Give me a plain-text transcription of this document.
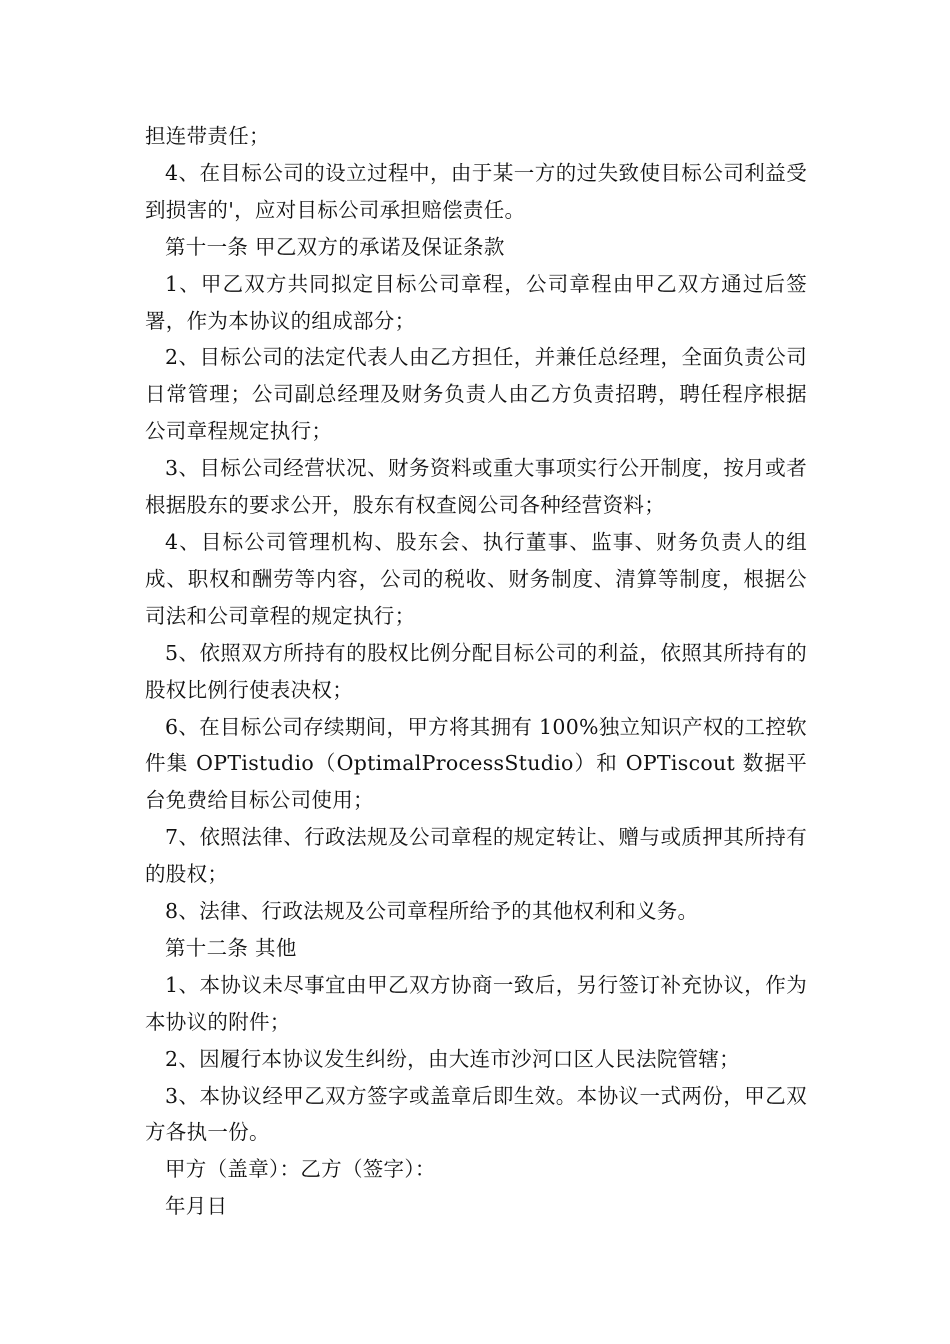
担连带责任；

4、在目标公司的设立过程中，由于某一方的过失致使目标公司利益受到损害的'，应对目标公司承担赔偿责任。

第十一条 甲乙双方的承诺及保证条款

1、甲乙双方共同拟定目标公司章程，公司章程由甲乙双方通过后签署，作为本协议的组成部分；

2、目标公司的法定代表人由乙方担任，并兼任总经理，全面负责公司日常管理；公司副总经理及财务负责人由乙方负责招聘，聘任程序根据公司章程规定执行；

3、目标公司经营状况、财务资料或重大事项实行公开制度，按月或者根据股东的要求公开，股东有权查阅公司各种经营资料；

4、目标公司管理机构、股东会、执行董事、监事、财务负责人的组成、职权和酬劳等内容，公司的税收、财务制度、清算等制度，根据公司法和公司章程的规定执行；

5、依照双方所持有的股权比例分配目标公司的利益，依照其所持有的股权比例行使表决权；

6、在目标公司存续期间，甲方将其拥有 100%独立知识产权的工控软件集 OPTistudio（OptimalProcessStudio）和 OPTiscout 数据平台免费给目标公司使用；

7、依照法律、行政法规及公司章程的规定转让、赠与或质押其所持有的股权；

8、法律、行政法规及公司章程所给予的其他权利和义务。

第十二条 其他

1、本协议未尽事宜由甲乙双方协商一致后，另行签订补充协议，作为本协议的附件；

2、因履行本协议发生纠纷，由大连市沙河口区人民法院管辖；

3、本协议经甲乙双方签字或盖章后即生效。本协议一式两份，甲乙双方各执一份。

甲方（盖章）：乙方（签字）：

年月日
